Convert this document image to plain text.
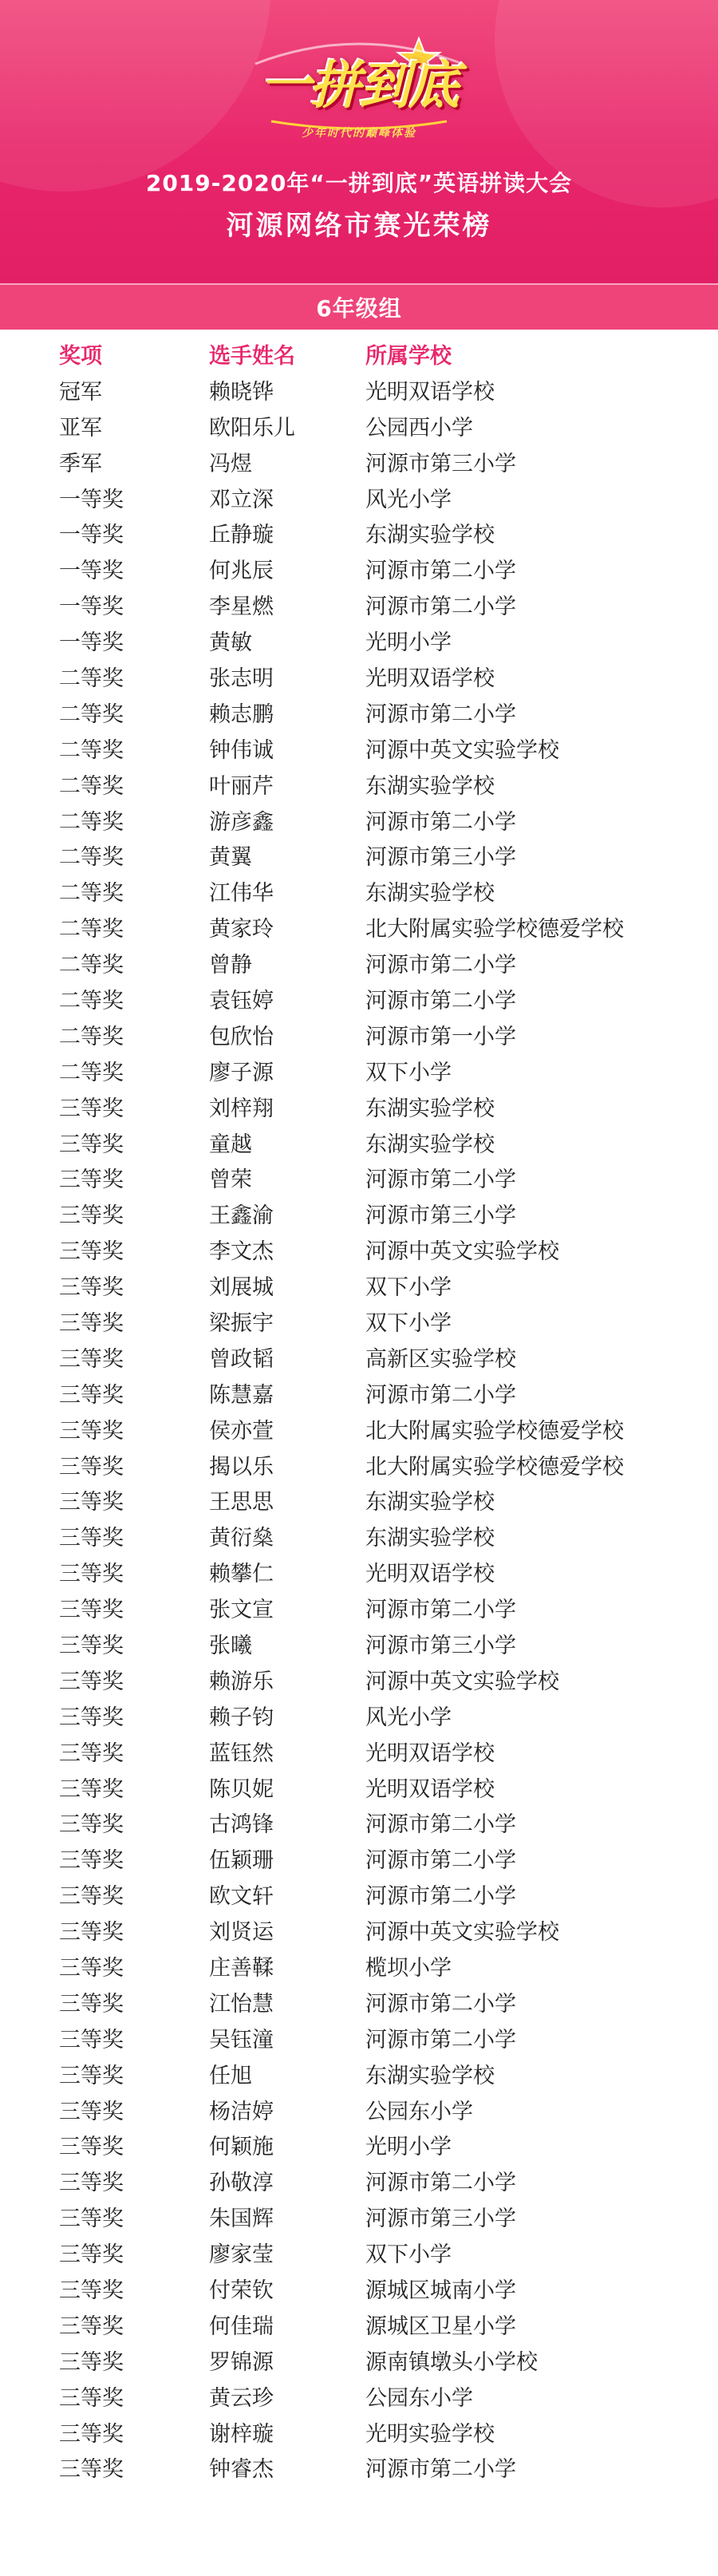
一拼到底
少年时代的巅峰体验
2019-2020年“一拼到底”英语拼读大会
河源网络市赛光荣榜
6年级组
奖项	选手姓名	所属学校
冠军	赖晓铧	光明双语学校
亚军	欧阳乐儿	公园西小学
季军	冯煜	河源市第三小学
一等奖	邓立深	风光小学
一等奖	丘静璇	东湖实验学校
一等奖	何兆辰	河源市第二小学
一等奖	李星燃	河源市第二小学
一等奖	黄敏	光明小学
二等奖	张志明	光明双语学校
二等奖	赖志鹏	河源市第二小学
二等奖	钟伟诚	河源中英文实验学校
二等奖	叶丽芹	东湖实验学校
二等奖	游彦鑫	河源市第二小学
二等奖	黄翼	河源市第三小学
二等奖	江伟华	东湖实验学校
二等奖	黄家玲	北大附属实验学校德爱学校
二等奖	曾静	河源市第二小学
二等奖	袁钰婷	河源市第二小学
二等奖	包欣怡	河源市第一小学
二等奖	廖子源	双下小学
三等奖	刘梓翔	东湖实验学校
三等奖	童越	东湖实验学校
三等奖	曾荣	河源市第二小学
三等奖	王鑫渝	河源市第三小学
三等奖	李文杰	河源中英文实验学校
三等奖	刘展城	双下小学
三等奖	梁振宇	双下小学
三等奖	曾政韬	高新区实验学校
三等奖	陈慧嘉	河源市第二小学
三等奖	侯亦萱	北大附属实验学校德爱学校
三等奖	揭以乐	北大附属实验学校德爱学校
三等奖	王思思	东湖实验学校
三等奖	黄衍燊	东湖实验学校
三等奖	赖攀仁	光明双语学校
三等奖	张文宣	河源市第二小学
三等奖	张曦	河源市第三小学
三等奖	赖游乐	河源中英文实验学校
三等奖	赖子钧	风光小学
三等奖	蓝钰然	光明双语学校
三等奖	陈贝妮	光明双语学校
三等奖	古鸿锋	河源市第二小学
三等奖	伍颖珊	河源市第二小学
三等奖	欧文轩	河源市第二小学
三等奖	刘贤运	河源中英文实验学校
三等奖	庄善鞣	榄坝小学
三等奖	江怡慧	河源市第二小学
三等奖	吴钰潼	河源市第二小学
三等奖	任旭	东湖实验学校
三等奖	杨洁婷	公园东小学
三等奖	何颖施	光明小学
三等奖	孙敬淳	河源市第二小学
三等奖	朱国辉	河源市第三小学
三等奖	廖家莹	双下小学
三等奖	付荣钦	源城区城南小学
三等奖	何佳瑞	源城区卫星小学
三等奖	罗锦源	源南镇墩头小学校
三等奖	黄云珍	公园东小学
三等奖	谢梓璇	光明实验学校
三等奖	钟睿杰	河源市第二小学
